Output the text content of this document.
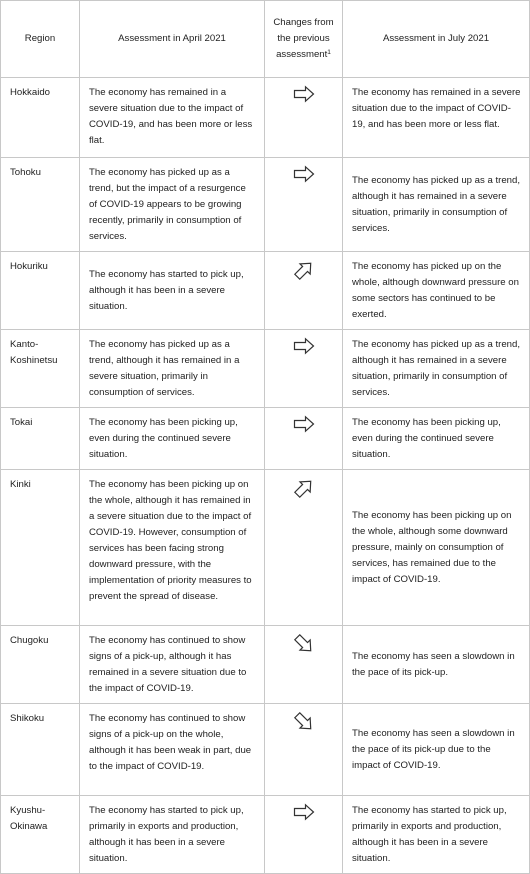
Region	Assessment in April 2021	Changes from the previous assessment$^1$	Assessment in July 2021
Hokkaido	The economy has remained in a severe situation due to the impact of COVID-19, and has been more or less flat.		The economy has remained in a severe situation due to the impact of COVID-19, and has been more or less flat.
Tohoku	The economy has picked up as a trend, but the impact of a resurgence of COVID-19 appears to be growing recently, primarily in consumption of services.		The economy has picked up as a trend, although it has remained in a severe situation, primarily in consumption of services.
Hokuriku	The economy has started to pick up, although it has been in a severe situation.		The economy has picked up on the whole, although downward pressure on some sectors has continued to be exerted.
Kanto-Koshinetsu	The economy has picked up as a trend, although it has remained in a severe situation, primarily in consumption of services.		The economy has picked up as a trend, although it has remained in a severe situation, primarily in consumption of services.
Tokai	The economy has been picking up, even during the continued severe situation.		The economy has been picking up, even during the continued severe situation.
Kinki	The economy has been picking up on the whole, although it has remained in a severe situation due to the impact of COVID-19. However, consumption of services has been facing strong downward pressure, with the implementation of priority measures to prevent the spread of disease.		The economy has been picking up on the whole, although some downward pressure, mainly on consumption of services, has remained due to the impact of COVID-19.
Chugoku	The economy has continued to show signs of a pick-up, although it has remained in a severe situation due to the impact of COVID-19.		The economy has seen a slowdown in the pace of its pick-up.
Shikoku	The economy has continued to show signs of a pick-up on the whole, although it has been weak in part, due to the impact of COVID-19.		The economy has seen a slowdown in the pace of its pick-up due to the impact of COVID-19.
Kyushu-Okinawa	The economy has started to pick up, primarily in exports and production, although it has been in a severe situation.		The economy has started to pick up, primarily in exports and production, although it has been in a severe situation.
